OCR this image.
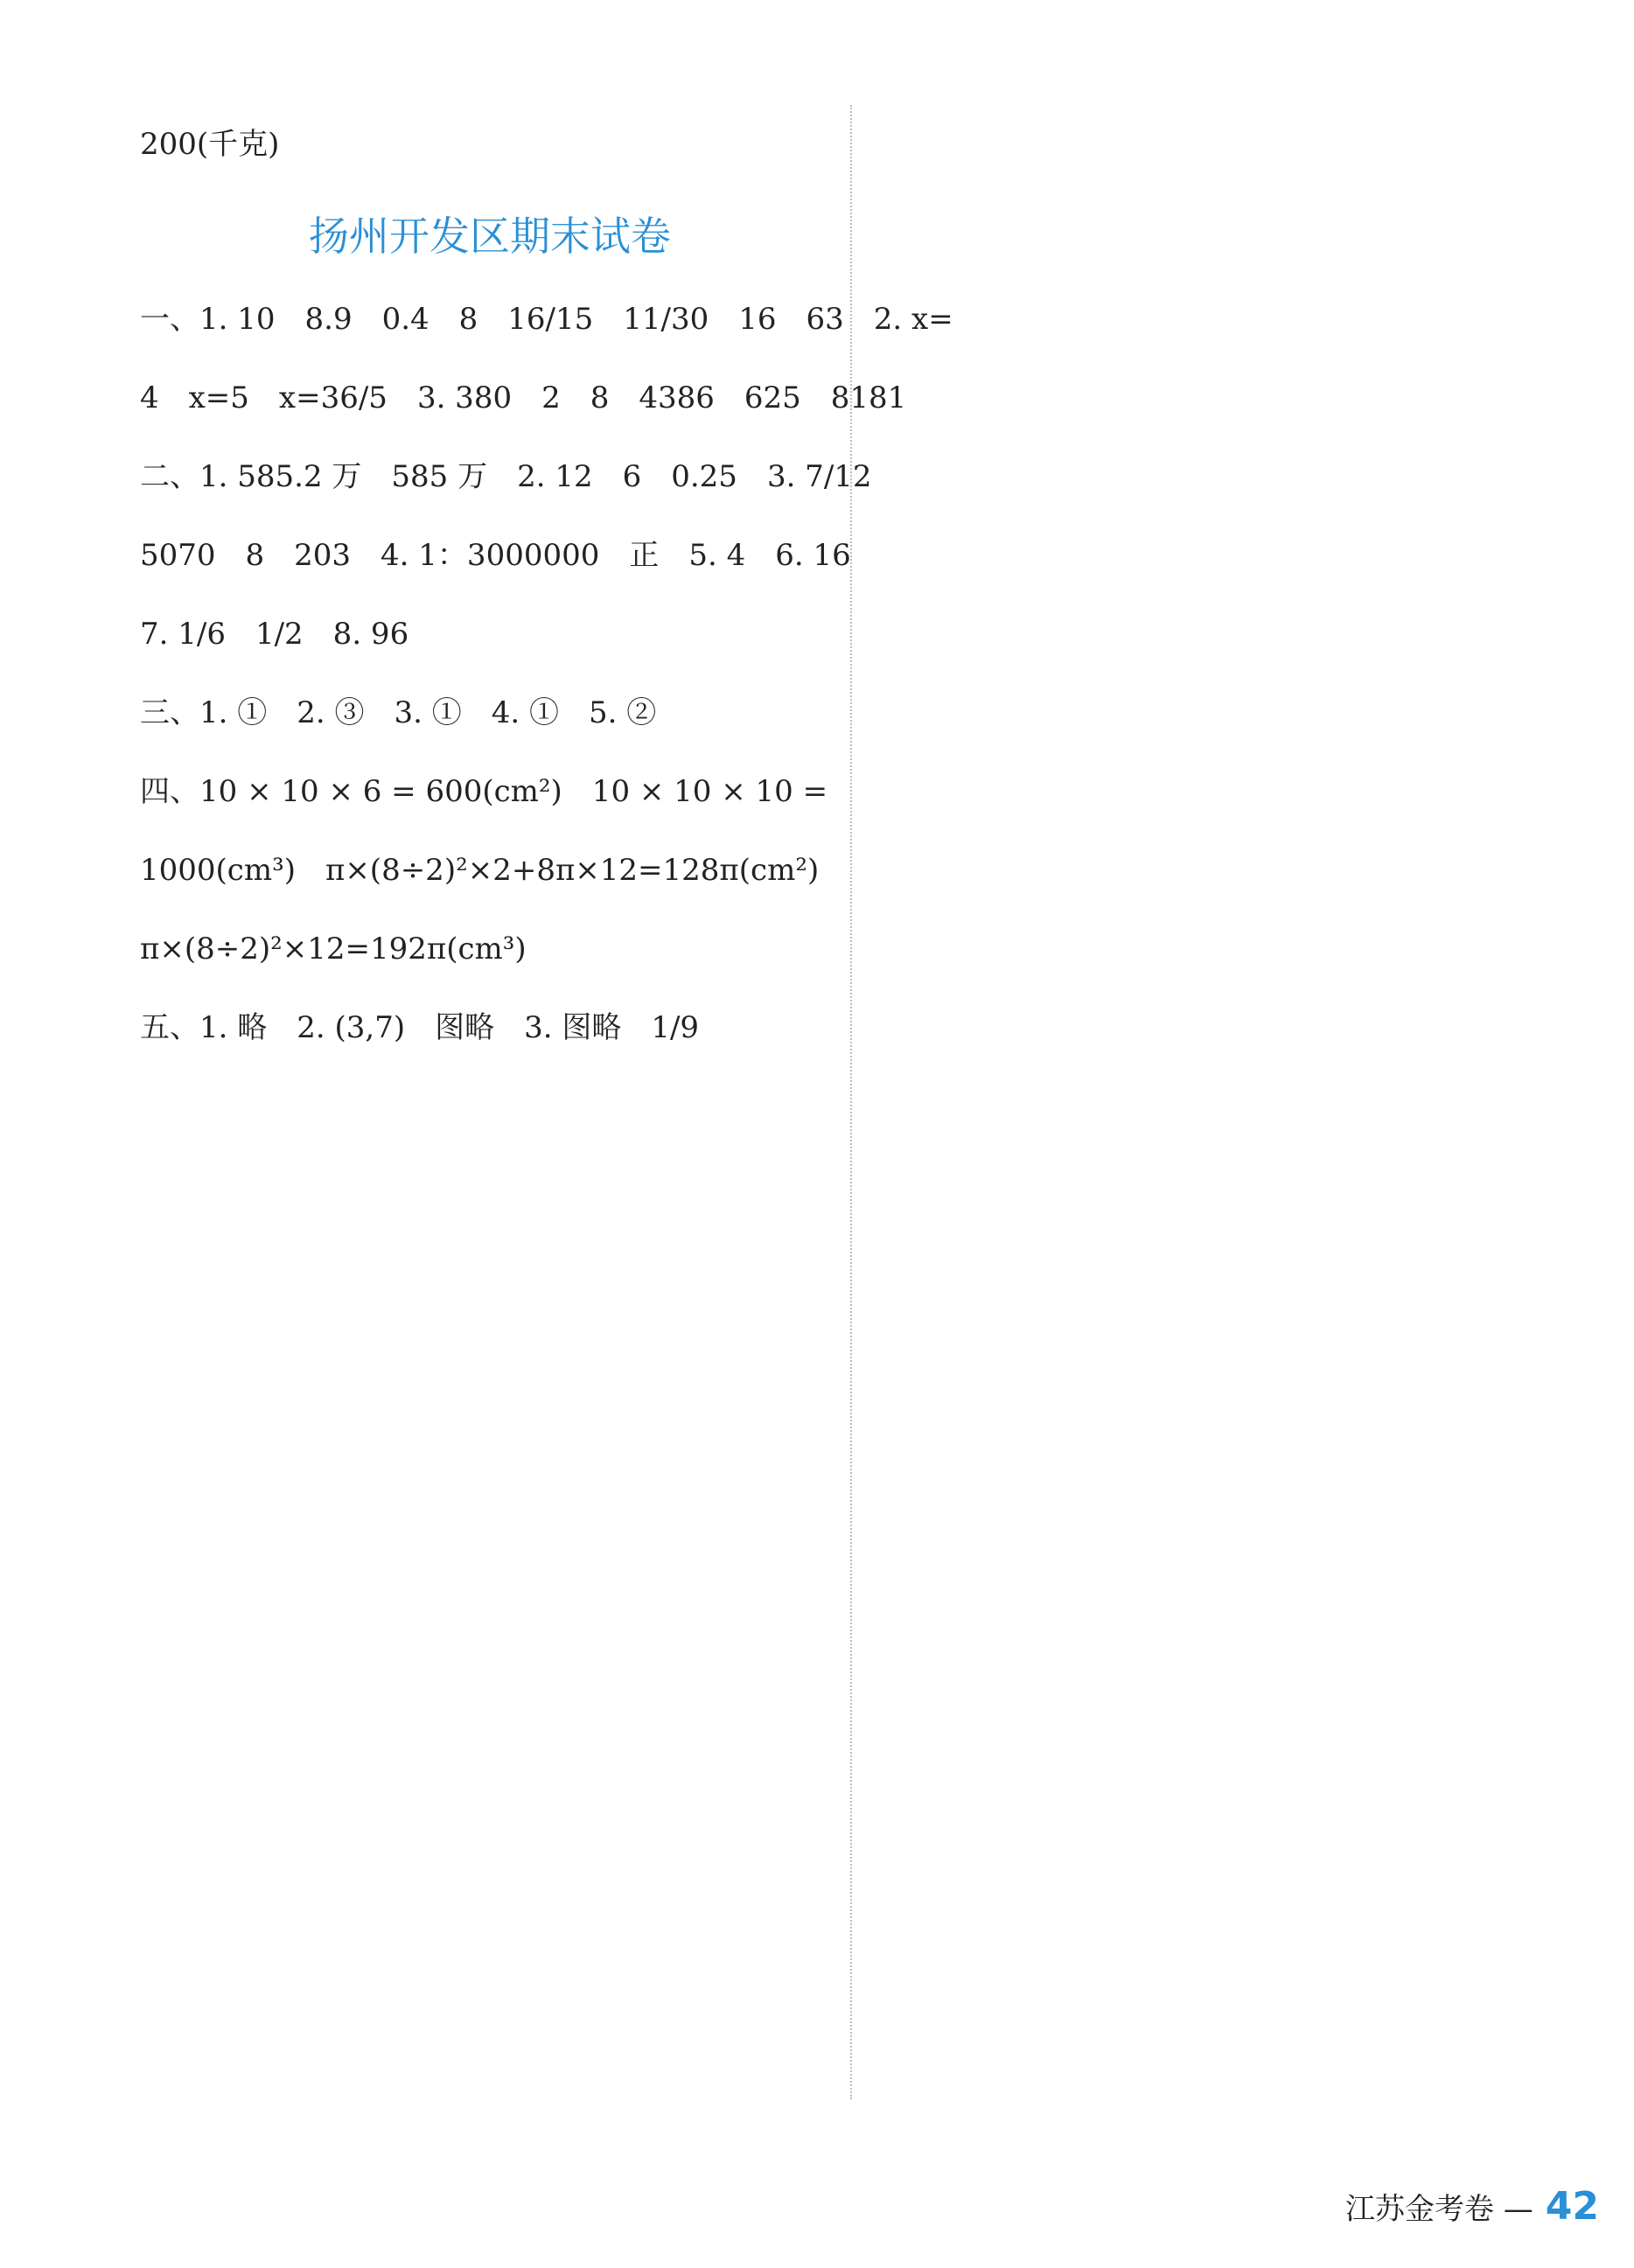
200(千克)
扬州开发区期末试卷
一、1. 10　8.9　0.4　8　16/15　11/30　16　63　2. x=
4　x=5　x=36/5　3. 380　2　8　4386　625　8181
二、1. 585.2 万　585 万　2. 12　6　0.25　3. 7/12
5070　8　203　4. 1：3000000　正　5. 4　6. 16
7. 1/6　1/2　8. 96
三、1. ①　2. ③　3. ①　4. ①　5. ②
四、10 × 10 × 6 = 600(cm²)　10 × 10 × 10 =
1000(cm³)　π×(8÷2)²×2+8π×12=128π(cm²)
π×(8÷2)²×12=192π(cm³)
五、1. 略　2. (3,7)　图略　3. 图略　1/9
江苏金考卷 — 42
